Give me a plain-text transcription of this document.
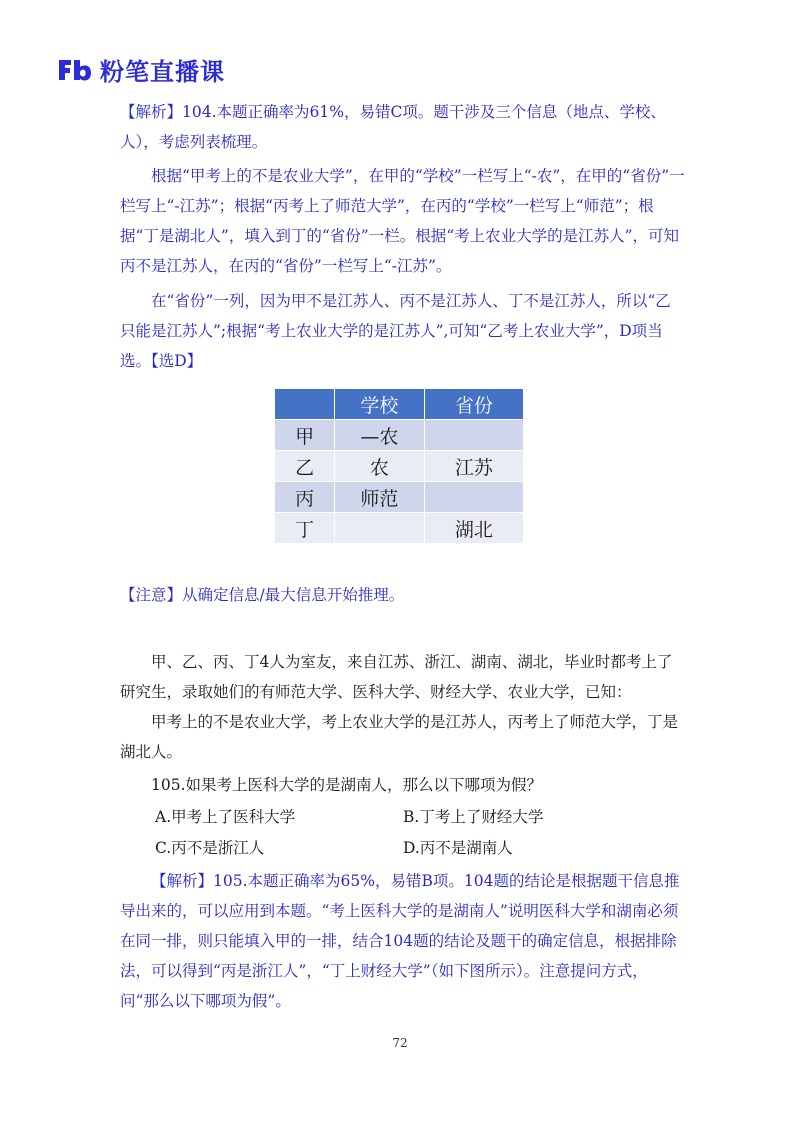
粉笔直播课

【解析】104.本题正确率为61%，易错C项。题干涉及三个信息（地点、学校、人），考虑列表梳理。

根据“甲考上的不是农业大学”，在甲的“学校”一栏写上“-农”，在甲的“省份”一栏写上“-江苏”；根据“丙考上了师范大学”，在丙的“学校”一栏写上“师范”；根据“丁是湖北人”，填入到丁的“省份”一栏。根据“考上农业大学的是江苏人”，可知丙不是江苏人，在丙的“省份”一栏写上“-江苏”。

在“省份”一列，因为甲不是江苏人、丙不是江苏人、丁不是江苏人，所以“乙只能是江苏人”;根据“考上农业大学的是江苏人”,可知“乙考上农业大学”，D项当选。【选D】

	学校	省份
甲	—农	
乙	农	江苏
丙	师范	
丁		湖北

【注意】从确定信息/最大信息开始推理。

甲、乙、丙、丁4人为室友，来自江苏、浙江、湖南、湖北，毕业时都考上了研究生，录取她们的有师范大学、医科大学、财经大学、农业大学，已知：

甲考上的不是农业大学，考上农业大学的是江苏人，丙考上了师范大学，丁是湖北人。

105.如果考上医科大学的是湖南人，那么以下哪项为假？

A.甲考上了医科大学	B.丁考上了财经大学
C.丙不是浙江人	D.丙不是湖南人

【解析】105.本题正确率为65%，易错B项。104题的结论是根据题干信息推导出来的，可以应用到本题。“考上医科大学的是湖南人”说明医科大学和湖南必须在同一排，则只能填入甲的一排，结合104题的结论及题干的确定信息，根据排除法，可以得到“丙是浙江人”，“丁上财经大学”（如下图所示）。注意提问方式，问“那么以下哪项为假”。

72
